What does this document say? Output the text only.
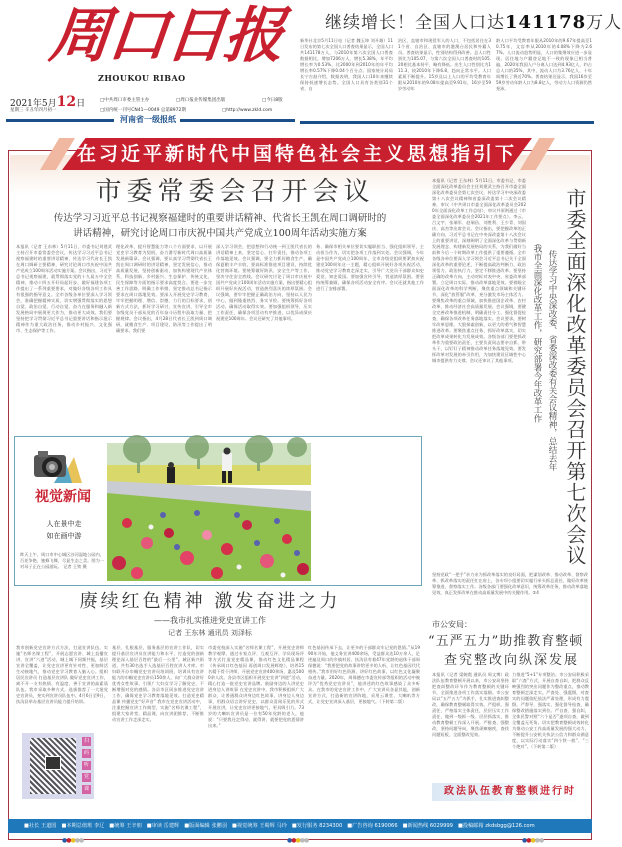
周口日报
ZHOUKOU RIBAO
2021年5月12日	□中共周口市委主管主办	□周口报业传媒集团出版	□今日8版
星期三 辛丑年四月初一	□国内统一刊号CN41—0049 总第8972期	□http://www.zkld.com
河南省一级报纸
继续增长！全国人口达141178万人
新华社北京5月11日电（记者 魏玉坤 刘开雄）11日发布的第七次全国人口普查结果显示，全国人口共141178万人，与2010年第六次全国人口普查数据相比，增加7206万人，增长5.38%，年平均增长率为0.53%，比2000年到2010年的年平均增长率0.57%下降0.04个百分点。国家统计局局长宁吉喆介绍，数据表明，我国人口10年来继续保持低速增长态势。全国人口具有各类别31个省、自
治区、直辖市和现役军人的人口，不包括居住在31个省、自治区、直辖市的港澳台居民和外籍人员。普查结果显示，性别结构得到改善。总人口性别比为105.07，与第六次全国人口普查时的105.20相比基本持平，略有降低。出生人口性别比为111.3，较2010年下降6.8，趋向正常水平。人口素质不断提升。15岁及以上人口的平均受教育年限从2010年的9.08年提高至9.91年，16岁至59岁劳动年
龄人口平均受教育年限从2010年的9.67年提高至10.75年，文盲率从2010年的4.08%下降为2.67%。人口流动趋势明显，人口的集聚效应进一步显现。居住地与户籍登记地不一致的现象已相当普遍，2020年我国人户分离人口达到4.93亿人，约占总人口的35%，其中，流动人口为3.76亿人，十年间增长了将近70%。普查结果还显示，我国16岁至59岁劳动年龄人口为8.8亿人，劳动力人口资源仍然充沛。
在习近平新时代中国特色社会主义思想指引下
市委常委会召开会议
传达学习习近平总书记视察福建时的重要讲话精神、代省长王凯在周口调研时的
讲话精神，研究讨论周口市庆祝中国共产党成立100周年活动实施方案
本报讯（记者 王东林）5月11日，市委书记刘建武主持召开市委常委会会议，传达学习习近平总书记视察福建时的重要讲话精神，传达学习代省长王凯在周口调研主要精神，研究讨论周口市庆祝中国共产党成立100周年活动实施方案。会议指出，习近平总书记视察福建，就贯彻落实党的十九届五中全会精神，推动十四五开好局起好步，做好福建各项工作提出了一系列重要要求，对做好各级各项工作具有很强的指导意义。全市各级各单位要深入学习领会，准确把握精神实质，切实增强贯彻落实的思想自觉、政治自觉、行动自觉，奋力在服务和融入新发展格局中展现更大作为，推动更大成效。我们要坚持把学习贯彻习近平总书记重要讲话和指示批示精神作为重大政治任务，推动乡村振兴、文化强市、生态保护等工作。
理化改革，提升智慧能力等八个方面要求，以开展党史学习教育为契机，奋力谱写新时代周口高质量发展新篇章。会议强调，要认真学习贯彻代省长王凯在周口调研时的讲话精神，坚定发展信心，推动高质量发展，坚持创新驱动，加快构建现代产业体系，科技创新、乡村振兴、生态保护、传统文化、民生保障等方面的指示要求高度契合。要进一步完善工作思路，明确工作举措，坚定推动总书记指示要求在周口落地见效。要深入开展党史学习教育，牢牢把握明理、增信、崇德、力行的目标要求，创新方式方法，抓好学习研讨，宣传宣讲，引导全市各级党员干部从党的百年奋斗历程中汲取力量、把握规律。会议指出，4月28日代省长王凯到周口调研，就粮食生产、项目建设、防汛等工作提出了明确要求。我们要
深入学习领会，把思想和行动统一到王凯代省长的讲话精神上来，坚定信心、扛牢责任，推动各项工作落地见效。会议强调，要全力抓好粮食生产，确保夏粮丰产丰收。要高标准推进项目建设，持续优化营商环境。要统筹做好防汛、安全生产等工作，坚决守住安全底线。会议研究讨论了周口市庆祝中国共产党成立100周年活动实施方案，指出要精心组织开展好庆祝活动，营造热烈喜庆的浓厚氛围。会议强调，要牢牢把握正确政治方向，坚持以人民为中心，做到隆重热烈、务实节俭。要统筹抓好各项活动，确保活动取得实效。要加强组织领导，压实工作责任，确保各项活动有序推进，以优异成绩庆祝建党100周年。会议还研究了其他事项。
务、确保市相关单位要切实履职担当、强化组织领导，主动担当作为，切实把各项工作落到实处。会议强调，今年是中国共产党成立100周年，全市各级党组织要紧扣庆祝建党100周年这一主题，精心组织开展好各项庆祝活动，推动党史学习教育走深走实，引导广大党员干部群众知史爱党、知史爱国。要加强宣传引导，营造浓厚氛围。要坚持统筹兼顾，确保各项活动安全有序。会议还就其他工作进行了安排部署。
视觉新闻
人在景中走
如在画中游
昨天上午，周口市中心城区沙河湿地公园内，百花争艳，蜜蜂飞舞，尽显生态之美。图为一对母子正在公园游玩。 记者 王铁 摄
赓续红色精神 激发奋进之力
——我市扎实推进党史宣讲工作
记者 王东林 通讯员 刘泽标
我市创新党史宣讲方式方法，打造宣讲队伍，实施“名师名课工程”，开展志愿宣讲、城上直播宣讲、宣讲“六进”活动，城上城下同频共振，基层宣讲全覆盖，让党史宣讲更有针对性、更加鲜活生动接地气，推动党史学习教育入脑入心。组织居民宣讲员 打造基层宣讲队 做好党史宣讲工作，离不开一支有热情、有温度、善于宣讲的高素质队伍。我市采取多种方式，选拔推荐了一大批党史宣讲员，充实到宣讲员队伍中。4月6日至9日，扶沟县举办基层宣讲员能力提升培训。
基层、扎根基层，服务基层的宣讲工作队，切实提升基层宣讲员宣讲能力和水平，打造党的创新理论深入基层百姓的“最后一公里”。城区新兴街道，共有30名选手入选基层百姓宣讲人才库。市妇联开办巾帼党史宣讲员培训班，培训具有宣讲能力的巾帼党史宣讲员150余人，向广大群众讲好优秀女性故事，引领广大妇女学习了解党史，不断增强对党的感情。各县市区同步推进党史宣讲工作，确保党史学习教育落地见效。打造党史精品课 传播党史“好声音” 我市在党史宣讲活动中，注重挖掘宣讲工作典型，实施“名师名课工程”，组建大家讲堂，精品课，向宣讲团推荐，不断推动宣讲工作走深走实。
市委党校深入实施“名师名课工程”，开展党史讲师教学观摩，通过专家点评、互观互评、学员现场评等方式打造党史精品课，推动红色文化精品课程《传承周口红色基因 再创周口发展辉煌》，培养15名精干骨干讲师，开展党史宣讲400余场，惠及5000余人次。各县市区组织开展党史宣讲“四进”活动，精心打造一批党史宣讲品牌。鼓励身边的人讲党史 进身边人讲故事 在党史宣讲中，我市积极组织广大群众，让普通群众讲身边红色故事，讲身边人身边事，用群众语言讲好党史，以群众喜闻乐见的形式开展宣讲，让党史宣讲更接地气，更具吸引力。73岁的大喇叭宣讲员是一位有50年党龄的老人，他说：“只要我还走得动，就得讲，就要把党的恩情讲出来。”
红色基因传承下去，让更多的干部群众牢记党的恩情。”从1990年开始，他义务宣讲400余场，受益群众达10万余人，足迹遍及周口的乡镇村居。扶沟县有着47年党龄的退休干部周保德说：“我要把党的故事讲给更多的人听，让红色基因代代相传。”我市用好红色资源，讲好红色故事，以红色文化凝聚奋进力量。2020年，周保德在市委宣传部等组织的活动中被评为“优秀党史宣讲员”，他讲述的红色故事感染了众多听众。在我市的党史宣讲工作中，广大宣讲员各显其能，创新宣讲方式，打造新的宣讲阵地，采用云课堂、大喇叭等方式，让党史宣讲深入基层，更接地气。（下转第二版）
扫
码
听
党
课
本报讯（记者 王东林）5月11日，市委书记、市委全面深化改革委员会主任刘建武主持召开市委全面深化改革委员会第七次会议，传达学习中央深改委第十八次会议精神和省委深改委第十二次会议精神，审议《中共周口市委全面深化改革委员会2020年全面深化改革工作总结》，审议并原则通过《市委全面深化改革委员会2021年工作要点》。李云、吕文宇、张瑞军、赵瑞昌、刘胜利、王少青、刘国庆、高杰等出席会议。会议指出，要把握改革的正确方向，习近平总书记在中央深改委第十八次会议上的重要讲话，深刻阐明了全面深化改革与贯彻新发展理念、构建新发展格局的关系，为我们做好当前和今后一个时期改革工作提供了重要遵循。全市各级各单位要深入学习领会习近平总书记关于全面深化改革的重要论述，不断提高政治判断力、政治领悟力、政治执行力，坚定不移推进改革。要坚持正确的改革方向，主动对标对表中央、省委改革部署，立足周口实际，推动改革落地见效。要着眼全面深化改革的科学判断，聚焦重点领域和关键环节，深化“放管服”改革，充分激发市场主体活力。要聚焦改革的重点领域，加快推进国企改革、农村改革，推动经济社会高质量发展。会议强调，要健全完善改革推进机制，明确责任分工，强化督促检查，确保各项改革任务落地落实。会议要求，要树牢改革思维，大胆探索创新，以更大的勇气和智慧推进改革。要聚焦重点任务，抓好改革落实，切实把改革成果转化为发展成效。各级各部门要把抓改革作为重要政治责任，主要负责同志要亲自抓、带头干，以钉钉子精神推动改革任务落地见效。要发挥改革对发展的牵引作用，为加快建设区域性中心城市提供有力支撑。会议还审议了其他事项。	市委全面深化改革委员会召开第七次会议
传达学习中央深改委、省委深改委有关会议精神，总结去年
我市全面深化改革工作，研究部署今年改革工作
坚持党政“一把手”亲力亲为抓改革落实的良好局面，把谋划改革、推动改革、督察改革、抓改革落实的责任扛在肩上，各专项小组要切实履行牵头抓总责任，做好改革统筹推进、督察落实工作。各级各部门要强化改革意识，统筹改革任务，推动改革落地见效，真正发挥改革在推动高质量发展中的关键作用。②4
市公安局：
“五严五力”助推教育整顿
查究整改向纵深发展
本报讯（记者 梁婉霞 通讯员 周文博）政法队伍教育整顿开展以来，市公安局坚持把查纠整改环节作为教育整顿的关键环节，全面推进各项工作落实落细。市公安局以“五严五力”为抓手，扎实推进查纠整改，确保教育整顿取得实效。严组织、强责任，严格落实主体责任，层层压实工作责任，做到一级抓一级、层层抓落实，推动教育整顿工作深入开展。严排查、强整改，坚持问题导向，聚焦顽瘴痼疾，查找问题短板，全面整改见效。
力推进“5+1”专项整治。市公安局积极采取“六查”方式，开展自查自纠，把群众反映强烈的突出问题作为整改重点，推动教育整顿走深走实。严查处、强震慑，对查实的问题依纪依法严肃处理，形成有力震慑。严督导、强落实，强化督导检查，确保整改措施落实到位。严自查、强自纠，全体民警对照“六个是否”逐项自查，做到全覆盖无死角。切实把教育整顿成效转化为推动公安工作高质量发展的强大动力，不断提升公安机关执法公信力和群众满意度，以实际行动落实“四个铁一般”、“三个绝对”。（下转第二版）
政法队伍教育整顿进行时
■社长 王道国 ■本期总值班 李辽 ■统筹 王辛朋 ■审读 岳建辉 ■版面编辑 张鹏羽 ■视觉统筹 王蜀辉 马玲 ■发行服务 8234300 ■广告咨询 6190066 ■新闻热线 6029999 ■投稿邮箱 zkdsbgg@126.com
●●●●●	●●●●●	●●●●●
